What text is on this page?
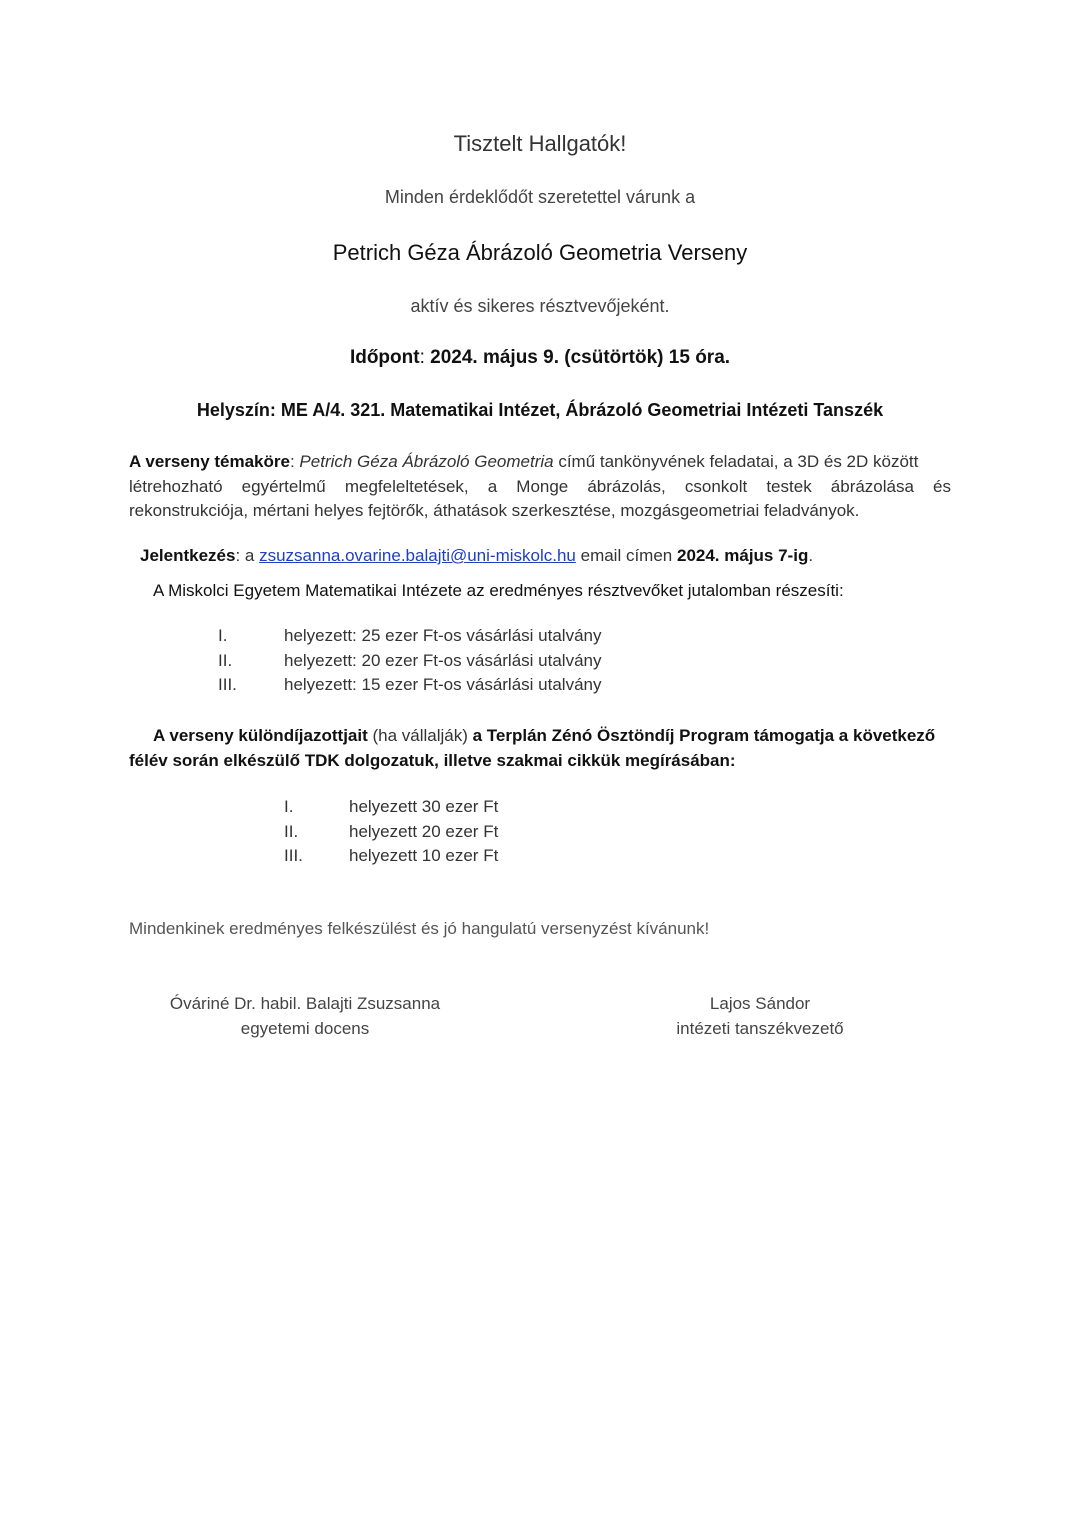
Tisztelt Hallgatók!
Minden érdeklődőt szeretettel várunk a
Petrich Géza Ábrázoló Geometria Verseny
aktív és sikeres résztvevőjeként.
Időpont: 2024. május 9. (csütörtök) 15 óra.
Helyszín: ME A/4. 321. Matematikai Intézet, Ábrázoló Geometriai Intézeti Tanszék
A verseny témaköre: Petrich Géza Ábrázoló Geometria című tankönyvének feladatai, a 3D és 2D között
létrehozható egyértelmű megfeleltetések, a Monge ábrázolás, csonkolt testek ábrázolása és
rekonstrukciója, mértani helyes fejtörők, áthatások szerkesztése, mozgásgeometriai feladványok.
Jelentkezés: a zsuzsanna.ovarine.balajti@uni-miskolc.hu email címen 2024. május 7-ig.
A Miskolci Egyetem Matematikai Intézete az eredményes résztvevőket jutalomban részesíti:
I.	helyezett: 25 ezer Ft-os vásárlási utalvány
II.	helyezett: 20 ezer Ft-os vásárlási utalvány
III.	helyezett: 15 ezer Ft-os vásárlási utalvány
A verseny különdíjazottjait (ha vállalják) a Terplán Zénó Ösztöndíj Program támogatja a következő
félév során elkészülő TDK dolgozatuk, illetve szakmai cikkük megírásában:
I.	helyezett 30 ezer Ft
II.	helyezett 20 ezer Ft
III.	helyezett 10 ezer Ft
Mindenkinek eredményes felkészülést és jó hangulatú versenyzést kívánunk!
Óváriné Dr. habil. Balajti Zsuzsanna
egyetemi docens
Lajos Sándor
intézeti tanszékvezető
